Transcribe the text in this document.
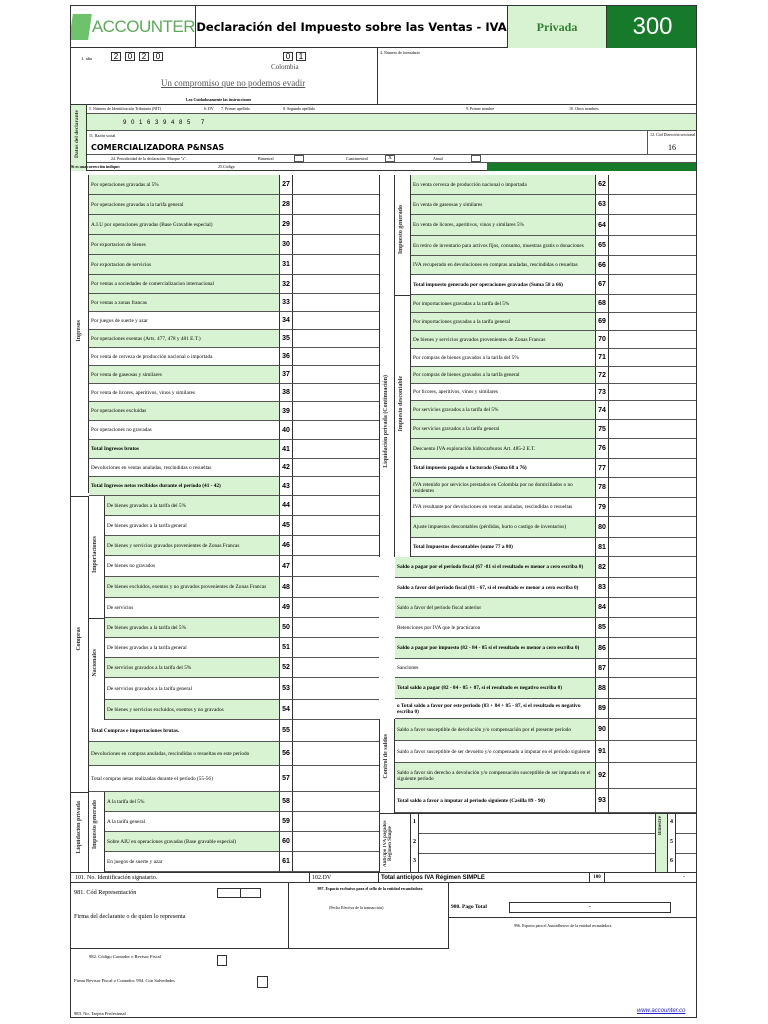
ACCOUNTER Declaración del Impuesto sobre las Ventas - IVA	Privada	300
1. año	2	0	2	0	0	1
Colombia
Un compromiso que no podemos evadir
Lea Cuidadosamente las instrucciones
4. Número de formulario
Datos del declarante
5. Número de Identificación Tributaria (NIT)	6. DV 7. Primer apellido	8. Segundo apellido	9. Primer nombre	10. Otros nombres
9 0 1 6 3 9 4 8 5 7
11. Razón social
COMERCIALIZADORA P&NSAS
12. Cód Dirección seccional
16
24. Periodicidad de la declaración. Marque "x".	Bimestral	Cuatrimestral	X	Anual
Si es una corrección indique:	25.Código
Por operaciones gravadas al 5%	27
Por operaciones gravadas a la tarifa general	28
A.I.U por operaciones gravadas (Base Gravable especial)	29
Por exportacion de bienes	30
Por exportacion de servicios	31
Por ventas a sociedades de comercializacion internacional	32
Por ventas a zonas francas	33
Por juegos de suerte y azar	34
Por operaciones exentas (Arts. 477, 478 y 481 E.T.)	35
Por venta de cerveza de producción nacional o importada	36
Por venta de gaseosas y similares	37
Por venta de licores, aperitivos, vinos y similares	38
Por operaciones excluidas	39
Por operaciones no gravadas	40
Total Ingresos brutos	41
Devoluciones en ventas anuladas, rescindidas o resueltas	42
Total Ingresos netos recibidos durante el período (41 - 42)	43
De bienes gravados a la tarifa del 5%	44
De bienes gravados a la tarifa general	45
De bienes y servicios gravados provenientes de Zonas Francas	46
De bienes no gravados	47
De bienes excluidos, exentos y no gravados provenientes de Zonas Francas	48
De servicios	49
De bienes gravados a la tarifa del 5%	50
De bienes gravados a la tarifa general	51
De servicios gravados a la tarifa del 5%	52
De servicios gravados a la tarifa general	53
De bienes y servicios excluidos, exentos y no gravados	54
Total Compras e importaciones brutas.	55
Devoluciones en compras anuladas, rescindidas o resueltas en este período	56
Total compras netas realizadas durante el período (55-56)	57
A la tarifa del 5%	58
A la tarifa general	59
Sobre AIU en operaciones gravadas (Base gravable especial)	60
En juegos de suerte y azar	61
En venta cerveza de producción nacional o importada	62
En venta de gaseosas y similares	63
En venta de licores, aperitivos, vinos y similares 5%	64
En retiro de inventario para activos fijos, consumo, muestras gratis o donaciones	65
IVA recuperado en devoluciones en compras anuladas, rescindidas o resueltas	66
Total impuesto generado por operaciones gravadas (Suma 58 a 66)	67
Por importaciones gravadas a la tarifa del 5%	68
Por importaciones gravadas a la tarifa general	69
De bienes y servicios gravados provenientes de Zonas Francas	70
Por compras de bienes gravados a la tarifa del 5%	71
Por compras de bienes gravados a la tarifa general	72
Por licores, aperitivos, vinos y similares	73
Por servicios gravados a la tarifa del 5%	74
Por servicios gravados a la tarifa general	75
Descuento IVA exploración hidrocarburos Art. 485-2 E.T.	76
Total impuesto pagado o facturado (Suma 68 a 76)	77
IVA retenido por servicios prestados en Colombia por no domiciliados o no residentes	78
IVA resultante por devoluciones en ventas anuladas, rescindidas o resueltas	79
Ajuste impuestos descontables (pérdidas, hurto o castigo de inventarios)	80
Total Impuestos descontables (sume 77 a 80)	81
Saldo a pagar por el período fiscal (67 -81 si el resultado es menor a cero escriba 0)	82
Saldo a favor del período fiscal (81 - 67, si el resultado es menor a cero escriba 0)	83
Saldo a favor del período fiscal anterior	84
Retenciones por IVA que le practicaron	85
Saldo a pagar por impuesto (82 - 84 - 85 si el resultado es menor a cero escriba 0)	86
Sanciones	87
Total saldo a pagar (82 - 84 - 85 + 87, si el resultado es negativo escriba 0)	88
o Total saldo a favor por este periodo (83 + 84 + 85 - 87, si el resultado es negativo escriba 0)	89
Saldo a favor susceptible de devolución y/o compensación por el presente período	90
Saldo a favor susceptible de ser devuelto y/o compensado a imputar en el período siguiente	91
Saldo a favor sin derecho a devolución y/o compensación susceptible de ser imputado en el siguiente período	92
Total saldo a favor a imputar al periodo siguiente (Casilla 89 - 90)	93
Ingresos
Compras
Importaciones
Nacionales
Liquidación privada Impuesto generado
Liquidación privada (Continuación)
Impuesto generado
Impuesto descontable
Control de saldos
Anticipo IVA pagados Régimen Simple
1
2
3
Bimestre 4
5
6
101. No. Identificación signatario.	102.DV	Total anticipos IVA Régimen SIMPLE	100	-
981. Cód Representación
Firma del declarante o de quien lo representa
997. Espacio exclusivo para el sello de la entidad recaudadora
(Fecha Efectiva de la transacción)	980. Pago Total	-
996. Espacio para el Autoadhesivo de la entidad recaudadora
982. Código Contador o Revisor Fiscal
Firma Revisor Fiscal o Contador. 994. Con Salvedades
983. No. Tarjeta Profesional	www.accounter.co
